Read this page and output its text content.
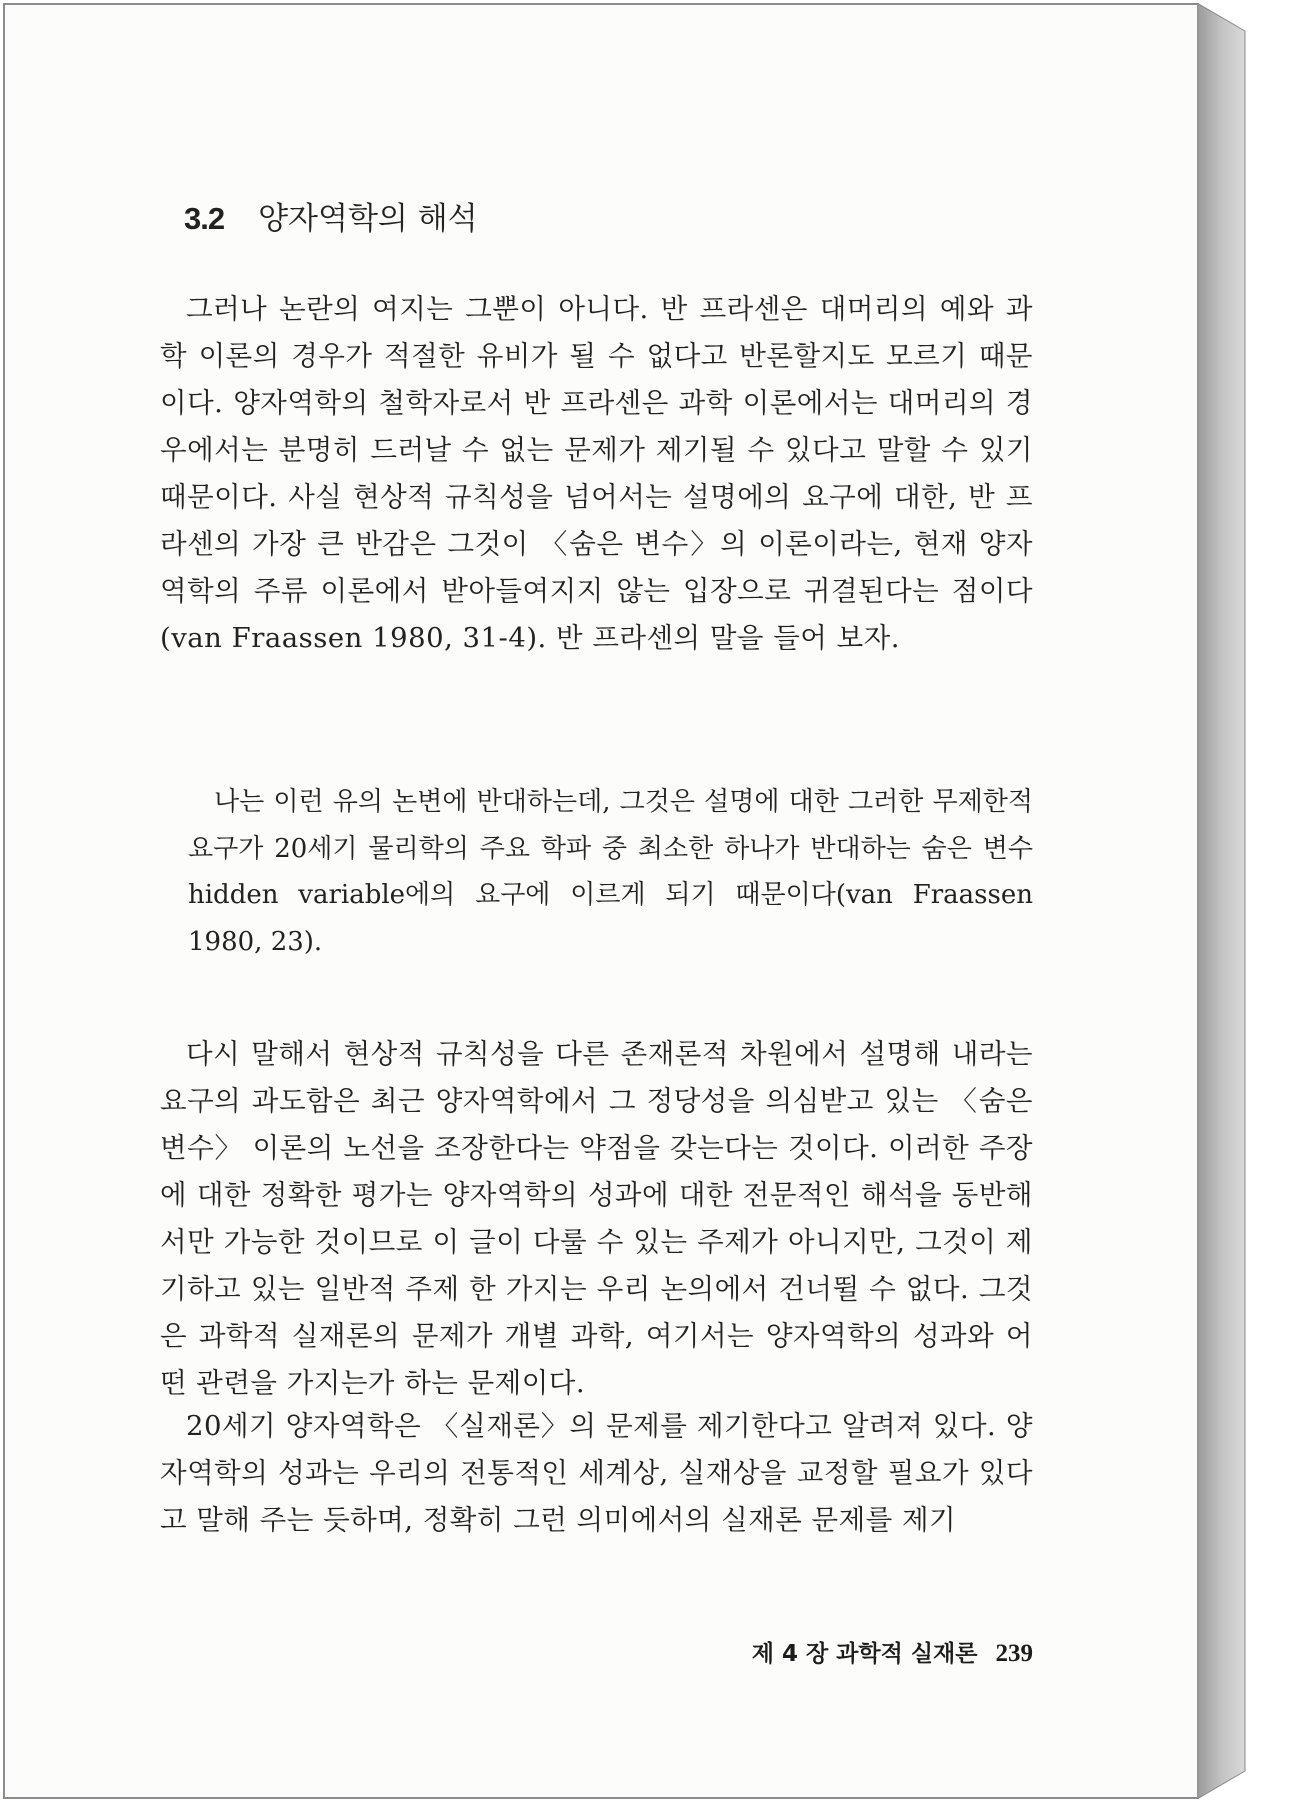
3.2 양자역학의 해석

그러나 논란의 여지는 그뿐이 아니다. 반 프라센은 대머리의 예와 과학 이론의 경우가 적절한 유비가 될 수 없다고 반론할지도 모르기 때문이다. 양자역학의 철학자로서 반 프라센은 과학 이론에서는 대머리의 경우에서는 분명히 드러날 수 없는 문제가 제기될 수 있다고 말할 수 있기 때문이다. 사실 현상적 규칙성을 넘어서는 설명에의 요구에 대한, 반 프라센의 가장 큰 반감은 그것이 〈숨은 변수〉의 이론이라는, 현재 양자역학의 주류 이론에서 받아들여지지 않는 입장으로 귀결된다는 점이다(van Fraassen 1980, 31-4). 반 프라센의 말을 들어 보자.

나는 이런 유의 논변에 반대하는데, 그것은 설명에 대한 그러한 무제한적 요구가 20세기 물리학의 주요 학파 중 최소한 하나가 반대하는 숨은 변수 hidden variable에의 요구에 이르게 되기 때문이다(van Fraassen 1980, 23).

다시 말해서 현상적 규칙성을 다른 존재론적 차원에서 설명해 내라는 요구의 과도함은 최근 양자역학에서 그 정당성을 의심받고 있는 〈숨은 변수〉 이론의 노선을 조장한다는 약점을 갖는다는 것이다. 이러한 주장에 대한 정확한 평가는 양자역학의 성과에 대한 전문적인 해석을 동반해서만 가능한 것이므로 이 글이 다룰 수 있는 주제가 아니지만, 그것이 제기하고 있는 일반적 주제 한 가지는 우리 논의에서 건너뛸 수 없다. 그것은 과학적 실재론의 문제가 개별 과학, 여기서는 양자역학의 성과와 어떤 관련을 가지는가 하는 문제이다.

20세기 양자역학은 〈실재론〉의 문제를 제기한다고 알려져 있다. 양자역학의 성과는 우리의 전통적인 세계상, 실재상을 교정할 필요가 있다고 말해 주는 듯하며, 정확히 그런 의미에서의 실재론 문제를 제기

제 4 장 과학적 실재론 239
